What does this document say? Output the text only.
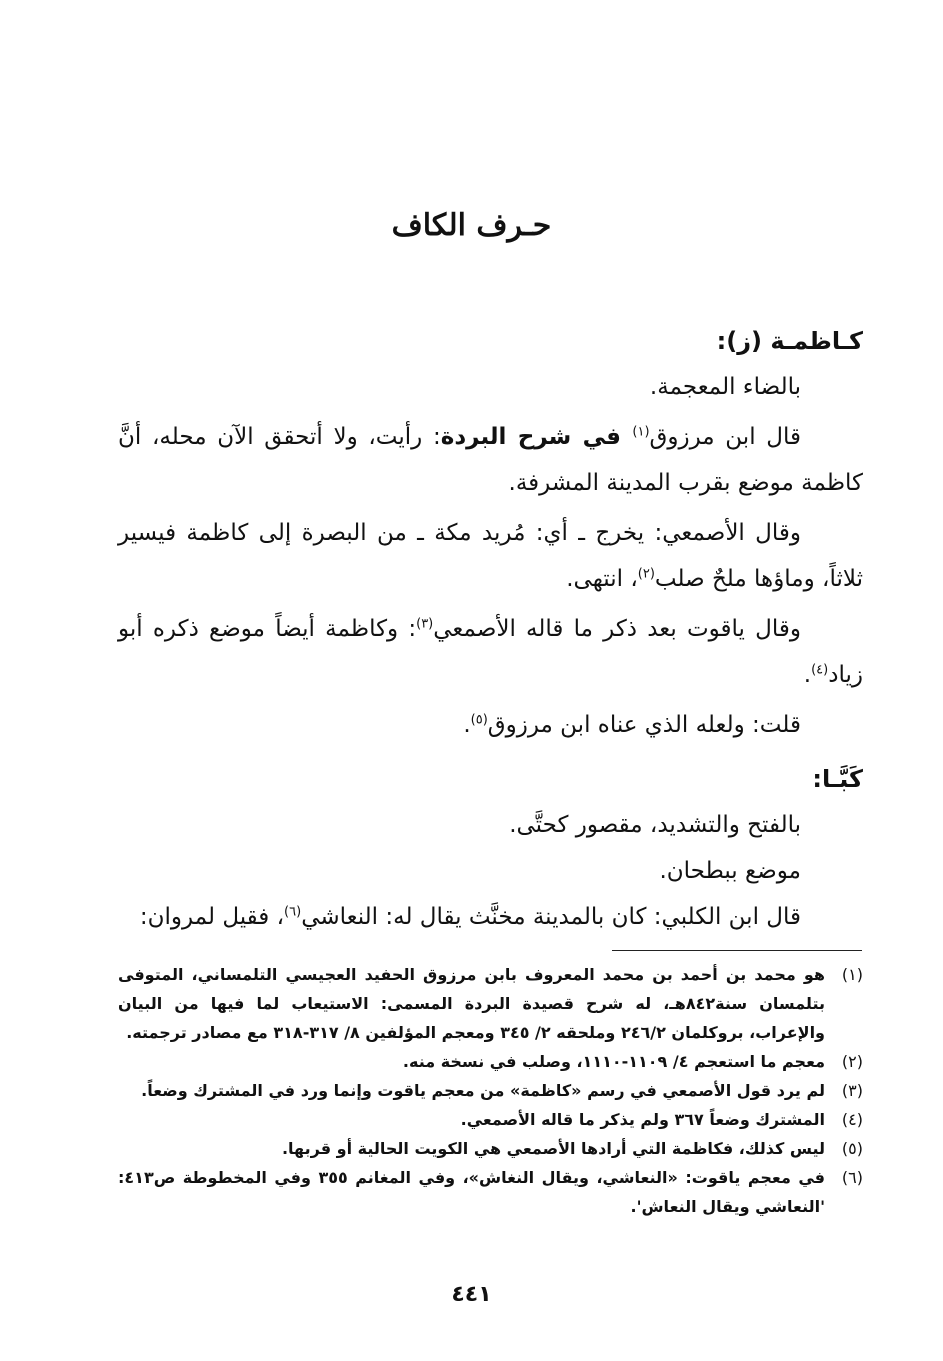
حـرف الكاف

كـاظمـة (ز):

بالضاء المعجمة.

قال ابن مرزوق$^{(١)}$ في شرح البردة: رأيت، ولا أتحقق الآن محله، أنَّ كاظمة موضع بقرب المدينة المشرفة.

وقال الأصمعي: يخرج ـ أي: مُريد مكة ـ من البصرة إلى كاظمة فيسير ثلاثاً، وماؤها ملحٌ صلب$^{(٢)}$، انتهى.

وقال ياقوت بعد ذكر ما قاله الأصمعي$^{(٣)}$: وكاظمة أيضاً موضع ذكره أبو زياد$^{(٤)}$.

قلت: ولعله الذي عناه ابن مرزوق$^{(٥)}$.

كَبَّـا:

بالفتح والتشديد، مقصور كحتَّى.

موضع ببطحان.

قال ابن الكلبي: كان بالمدينة مخنَّث يقال له: النعاشي$^{(٦)}$، فقيل لمروان:

(١)
هو محمد بن أحمد بن محمد المعروف بابن مرزوق الحفيد العجيسي التلمساني، المتوفى بتلمسان سنة٨٤٢هـ، له شرح قصيدة البردة المسمى: الاستيعاب لما فيها من البيان والإعراب، بروكلمان ٢٤٦/٢ وملحقه ٢/ ٣٤٥ ومعجم المؤلفين ٨/ ٣١٧-٣١٨ مع مصادر ترجمته.
(٢)
معجم ما استعجم ٤/ ١١٠٩-١١١٠، وصلب في نسخة منه.
(٣)
لم يرد قول الأصمعي في رسم «كاظمة» من معجم ياقوت وإنما ورد في المشترك وضعاً.
(٤)
المشترك وضعاً ٣٦٧ ولم يذكر ما قاله الأصمعي.
(٥)
ليس كذلك، فكاظمة التي أرادها الأصمعي هي الكويت الحالية أو قربها.
(٦)
في معجم ياقوت: «النعاشي، ويقال النغاش»، وفي المغانم ٣٥٥ وفي المخطوطة ص٤١٣: 'النعاشي ويقال النعاش'.
٤٤١
